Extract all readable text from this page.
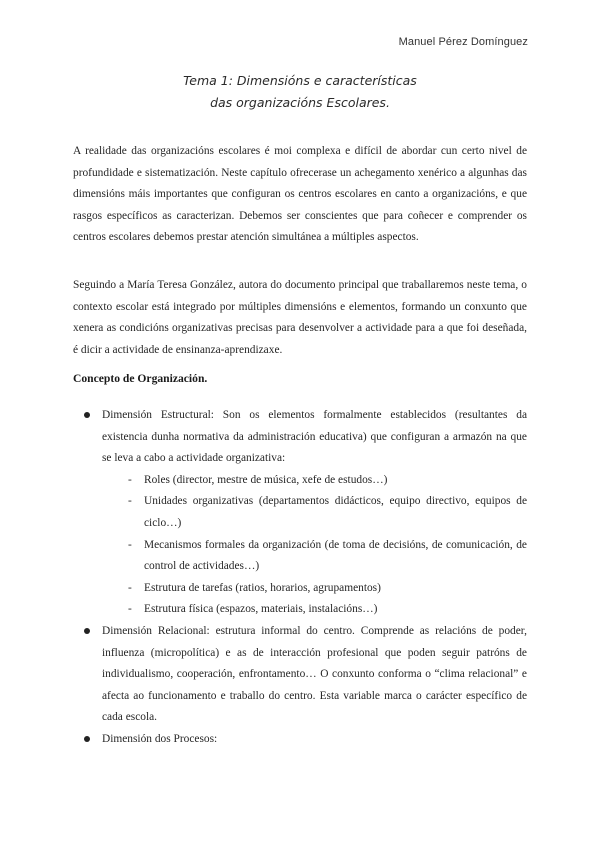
Manuel Pérez Domínguez
Tema 1: Dimensións e características
das organizacións Escolares.

A realidade das organizacións escolares é moi complexa e difícil de abordar cun certo nivel de profundidade e sistematización. Neste capítulo ofrecerase un achegamento xenérico a algunhas das dimensións máis importantes que configuran os centros escolares en canto a organizacións, e que rasgos específicos as caracterizan. Debemos ser conscientes que para coñecer e comprender os centros escolares debemos prestar atención simultánea a múltiples aspectos.

Seguindo a María Teresa González, autora do documento principal que traballaremos neste tema, o contexto escolar está integrado por múltiples dimensións e elementos, formando un conxunto que xenera as condicións organizativas precisas para desenvolver a actividade para a que foi deseñada, é dicir a actividade de ensinanza-aprendizaxe.

Concepto de Organización.
Dimensión Estructural: Son os elementos formalmente establecidos (resultantes da existencia dunha normativa da administración educativa) que configuran a armazón na que se leva a cabo a actividade organizativa:
- Roles (director, mestre de música, xefe de estudos…)
- Unidades organizativas (departamentos didácticos, equipo directivo, equipos de ciclo…)
- Mecanismos formales da organización (de toma de decisións, de comunicación, de control de actividades…)
- Estrutura de tarefas (ratios, horarios, agrupamentos)
- Estrutura física (espazos, materiais, instalacións…)
Dimensión Relacional: estrutura informal do centro. Comprende as relacións de poder, influenza (micropolítica) e as de interacción profesional que poden seguir patróns de individualismo, cooperación, enfrontamento… O conxunto conforma o “clima relacional” e afecta ao funcionamento e traballo do centro. Esta variable marca o carácter específico de cada escola.
Dimensión dos Procesos:
